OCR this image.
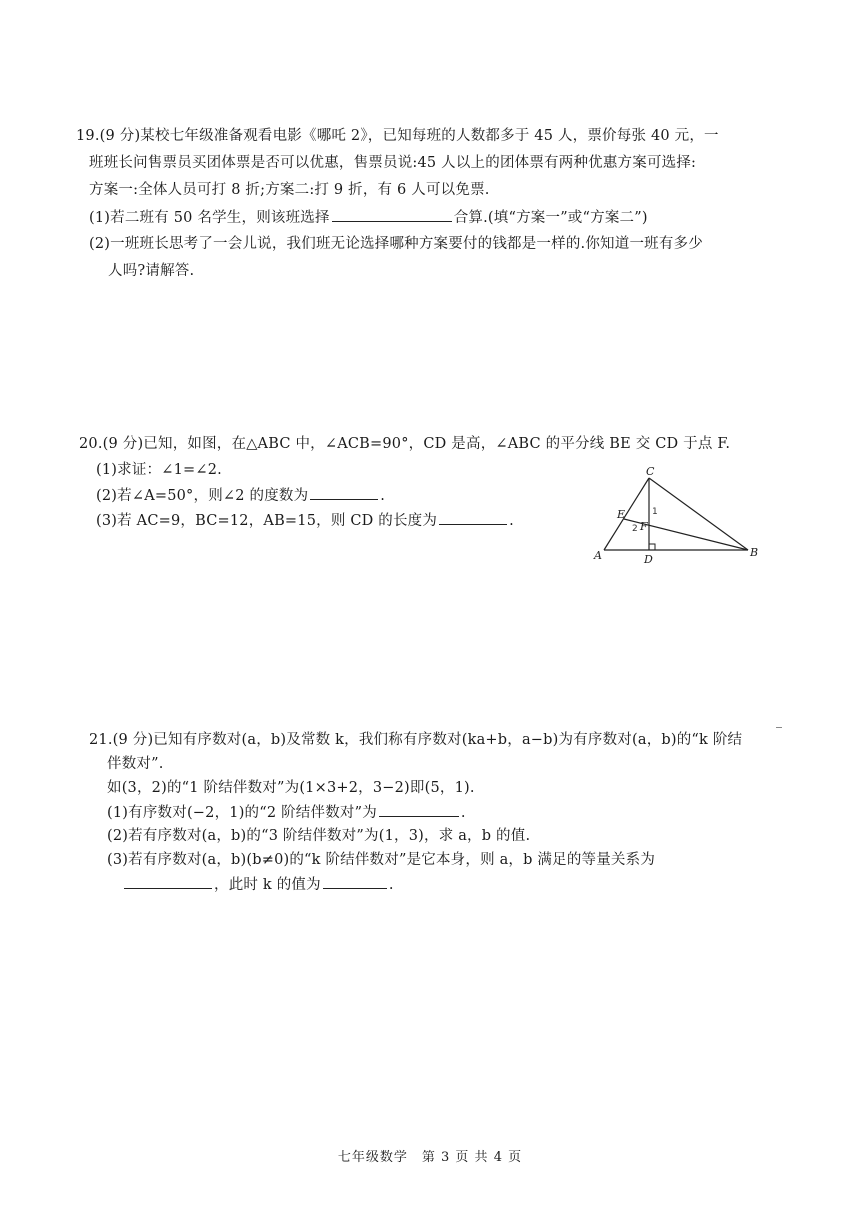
19.(9 分)某校七年级准备观看电影《哪吒 2》，已知每班的人数都多于 45 人，票价每张 40 元，一
班班长问售票员买团体票是否可以优惠，售票员说:45 人以上的团体票有两种优惠方案可选择:
方案一:全体人员可打 8 折;方案二:打 9 折，有 6 人可以免票.
(1)若二班有 50 名学生，则该班选择	合算.(填“方案一”或“方案二”)
(2)一班班长思考了一会儿说，我们班无论选择哪种方案要付的钱都是一样的.你知道一班有多少
人吗?请解答.
20.(9 分)已知，如图，在△ABC 中，∠ACB=90°，CD 是高，∠ABC 的平分线 BE 交 CD 于点 F.
(1)求证：∠1=∠2.
(2)若∠A=50°，则∠2 的度数为	.
(3)若 AC=9，BC=12，AB=15，则 CD 的长度为	.
C
E
F
A	D
B
1
2
21.(9 分)已知有序数对(a，b)及常数 k，我们称有序数对(ka+b，a−b)为有序数对(a，b)的“k 阶结
伴数对”.
如(3，2)的“1 阶结伴数对”为(1×3+2，3−2)即(5，1).
(1)有序数对(−2，1)的“2 阶结伴数对”为	.
(2)若有序数对(a，b)的“3 阶结伴数对”为(1，3)，求 a，b 的值.
(3)若有序数对(a，b)(b≠0)的“k 阶结伴数对”是它本身，则 a，b 满足的等量关系为
，此时 k 的值为	.
七年级数学　第 3 页 共 4 页
